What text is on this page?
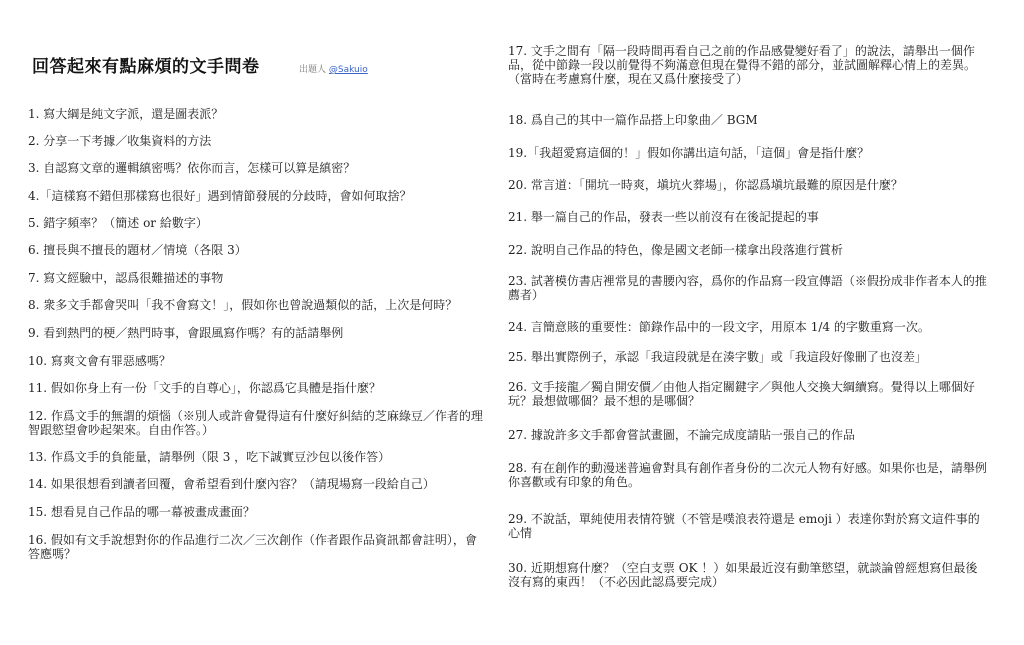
回答起來有點麻煩的文手問卷	出題人 @Sakuio
1. 寫大綱是純文字派，還是圖表派？
2. 分享一下考據／收集資料的方法
3. 自認寫文章的邏輯縝密嗎？依你而言，怎樣可以算是縝密？
4.「這樣寫不錯但那樣寫也很好」遇到情節發展的分歧時，會如何取捨？
5. 錯字頻率？（簡述 or 給數字）
6. 擅長與不擅長的題材／情境（各限 3）
7. 寫文經驗中，認爲很難描述的事物
8. 衆多文手都會哭叫「我不會寫文！」，假如你也曾說過類似的話，上次是何時？
9. 看到熱門的梗／熱門時事，會跟風寫作嗎？有的話請舉例
10. 寫爽文會有罪惡感嗎？
11. 假如你身上有一份「文手的自尊心」，你認爲它具體是指什麼？
12. 作爲文手的無謂的煩惱（※別人或許會覺得這有什麼好糾結的芝麻綠豆／作者的理智跟慾望會吵起架來。自由作答。）
13. 作爲文手的負能量，請舉例（限 3 ，吃下誠實豆沙包以後作答）
14. 如果很想看到讀者回覆，會希望看到什麼內容？（請現場寫一段給自己）
15. 想看見自己作品的哪一幕被畫成畫面？
16. 假如有文手說想對你的作品進行二次／三次創作（作者跟作品資訊都會註明），會答應嗎？
17. 文手之間有「隔一段時間再看自己之前的作品感覺變好看了」的說法，請舉出一個作品，從中節錄一段以前覺得不夠滿意但現在覺得不錯的部分，並試圖解釋心情上的差異。（當時在考慮寫什麼，現在又爲什麼接受了）
18. 爲自己的其中一篇作品搭上印象曲／ BGM
19.「我超愛寫這個的！」假如你講出這句話，「這個」會是指什麼？
20. 常言道：「開坑一時爽，塡坑火葬場」，你認爲塡坑最難的原因是什麼？
21. 舉一篇自己的作品，發表一些以前沒有在後記提起的事
22. 說明自己作品的特色，像是國文老師一樣拿出段落進行賞析
23. 試著模仿書店裡常見的書腰內容，爲你的作品寫一段宣傳語（※假扮成非作者本人的推薦者）
24. 言簡意賅的重要性：節錄作品中的一段文字，用原本 1/4 的字數重寫一次。
25. 舉出實際例子，承認「我這段就是在湊字數」或「我這段好像刪了也沒差」
26. 文手接龍／獨自開安價／由他人指定關鍵字／與他人交換大綱續寫。覺得以上哪個好玩？最想做哪個？最不想的是哪個？
27. 據說許多文手都會嘗試畫圖，不論完成度請貼一張自己的作品
28. 有在創作的動漫迷普遍會對具有創作者身份的二次元人物有好感。如果你也是，請舉例你喜歡或有印象的角色。
29. 不說話，單純使用表情符號（不管是噗浪表符還是 emoji ）表達你對於寫文這件事的心情
30. 近期想寫什麼？（空白支票 OK ！）如果最近沒有動筆慾望，就談論曾經想寫但最後沒有寫的東西！（不必因此認爲要完成）
